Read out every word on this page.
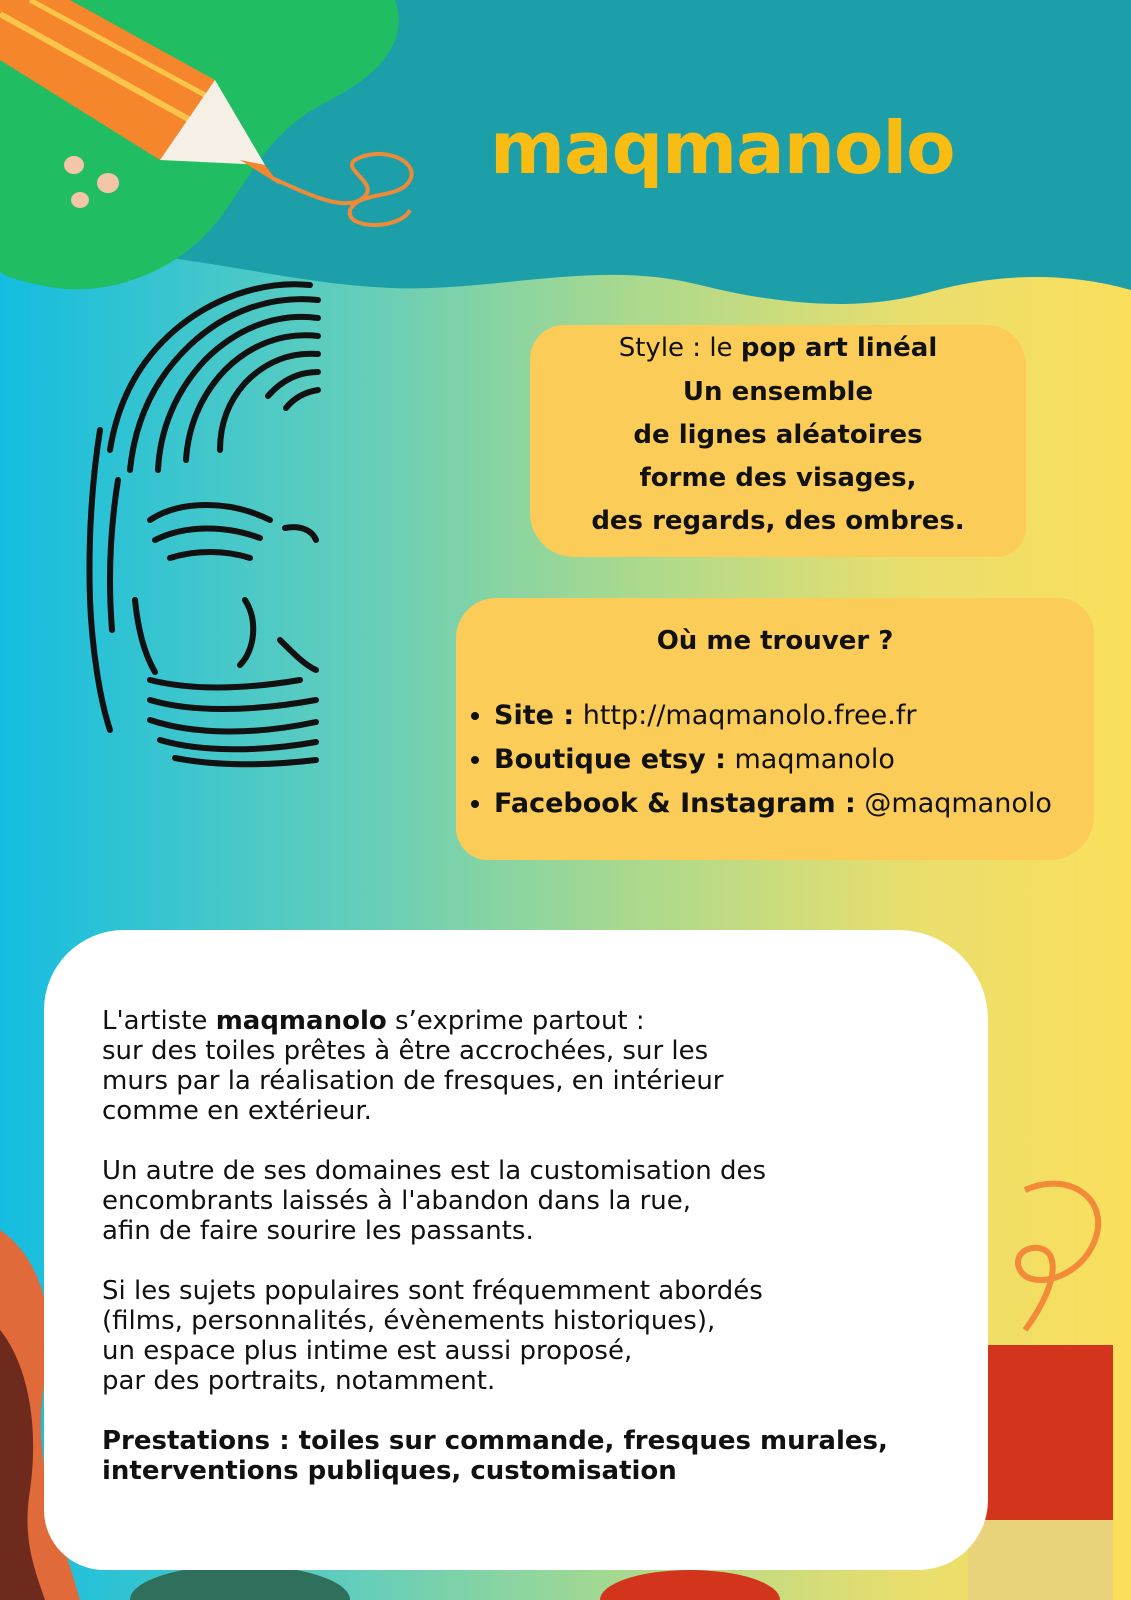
maqmanolo
Style : le pop art linéal
Un ensemble
de lignes aléatoires
forme des visages,
des regards, des ombres.
Où me trouver ?
• Site : http://maqmanolo.free.fr
• Boutique etsy : maqmanolo
• Facebook & Instagram : @maqmanolo

L'artiste maqmanolo s’exprime partout :
sur des toiles prêtes à être accrochées, sur les
murs par la réalisation de fresques, en intérieur
comme en extérieur.

Un autre de ses domaines est la customisation des
encombrants laissés à l'abandon dans la rue,
afin de faire sourire les passants.

Si les sujets populaires sont fréquemment abordés
(films, personnalités, évènements historiques),
un espace plus intime est aussi proposé,
par des portraits, notamment.

Prestations : toiles sur commande, fresques murales,
interventions publiques, customisation
